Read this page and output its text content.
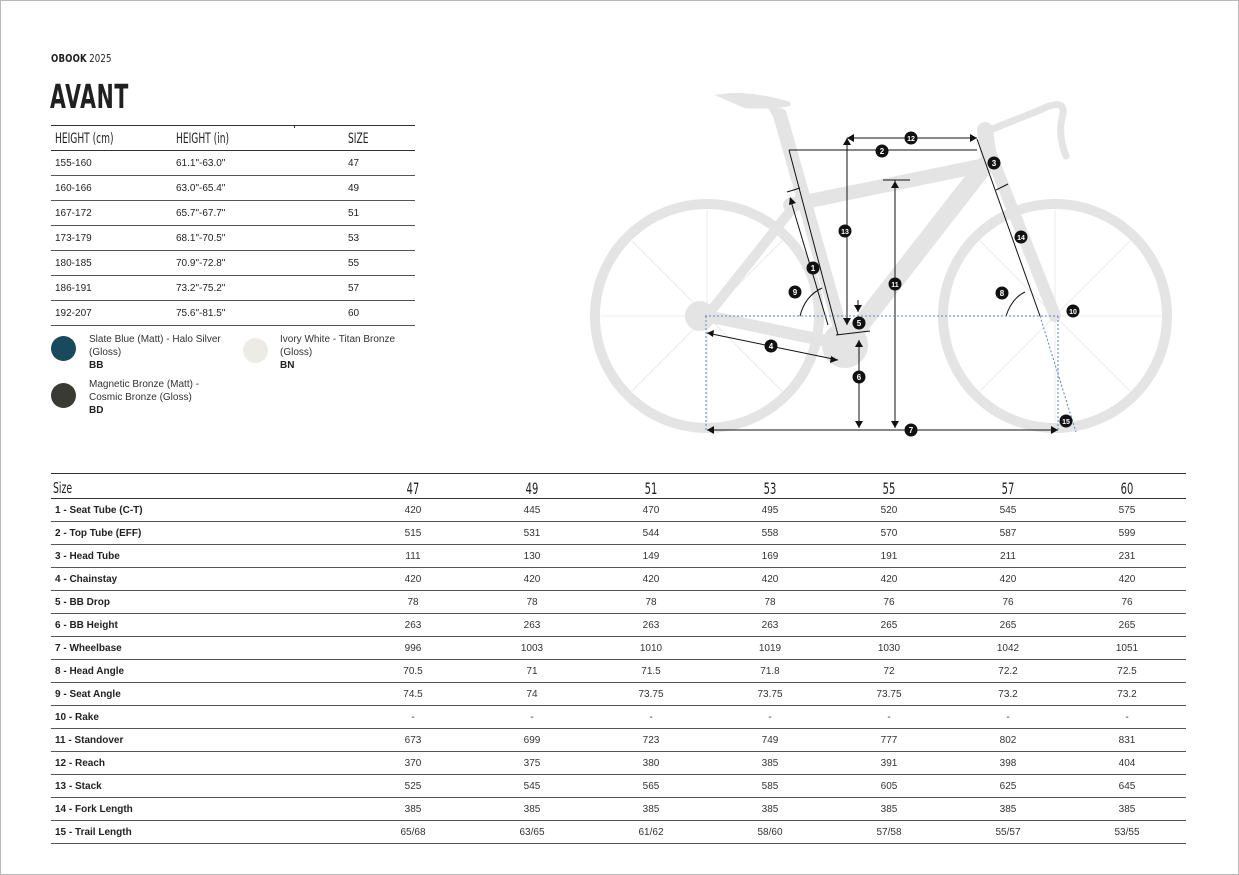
OBOOK 2025
AVANT
HEIGHT (cm)	HEIGHT (in)	SIZE
155-160	61.1"-63.0"	47
160-166	63.0"-65.4"	49
167-172	65.7"-67.7"	51
173-179	68.1"-70.5"	53
180-185	70.9"-72.8"	55
186-191	73.2"-75.2"	57
192-207	75.6"-81.5"	60
Slate Blue (Matt) - Halo Silver
(Gloss)
BB
Ivory White - Titan Bronze
(Gloss)
BN
Magnetic Bronze (Matt) -
Cosmic Bronze (Gloss)
BD
1
2
3
4
5
6
7
8
9
10
11
12
13
14
15
Size	47	49	51	53	55	57	60
1 - Seat Tube (C-T)	420	445	470	495	520	545	575
2 - Top Tube (EFF)	515	531	544	558	570	587	599
3 - Head Tube	111	130	149	169	191	211	231
4 - Chainstay	420	420	420	420	420	420	420
5 - BB Drop	78	78	78	78	76	76	76
6 - BB Height	263	263	263	263	265	265	265
7 - Wheelbase	996	1003	1010	1019	1030	1042	1051
8 - Head Angle	70.5	71	71.5	71.8	72	72.2	72.5
9 - Seat Angle	74.5	74	73.75	73.75	73.75	73.2	73.2
10 - Rake	-	-	-	-	-	-	-
11 - Standover	673	699	723	749	777	802	831
12 - Reach	370	375	380	385	391	398	404
13 - Stack	525	545	565	585	605	625	645
14 - Fork Length	385	385	385	385	385	385	385
15 - Trail Length	65/68	63/65	61/62	58/60	57/58	55/57	53/55
